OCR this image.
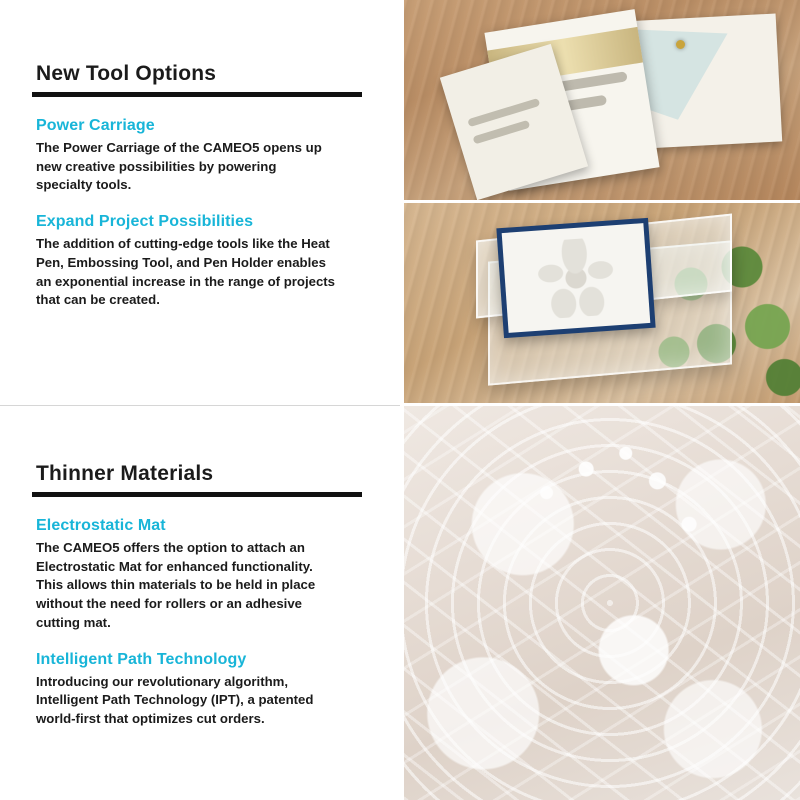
New Tool Options
Power Carriage

The Power Carriage of the CAMEO5 opens up new creative possibilities by powering specialty tools.

Expand Project Possibilities

The addition of cutting-edge tools like the Heat Pen, Embossing Tool, and Pen Holder enables an exponential increase in the range of projects that can be created.

Thinner Materials
Electrostatic Mat

The CAMEO5 offers the option to attach an Electrostatic Mat for enhanced functionality. This allows thin materials to be held in place without the need for rollers or an adhesive cutting mat.

Intelligent Path Technology

Introducing our revolutionary algorithm, Intelligent Path Technology (IPT), a patented world-first that optimizes cut orders.
